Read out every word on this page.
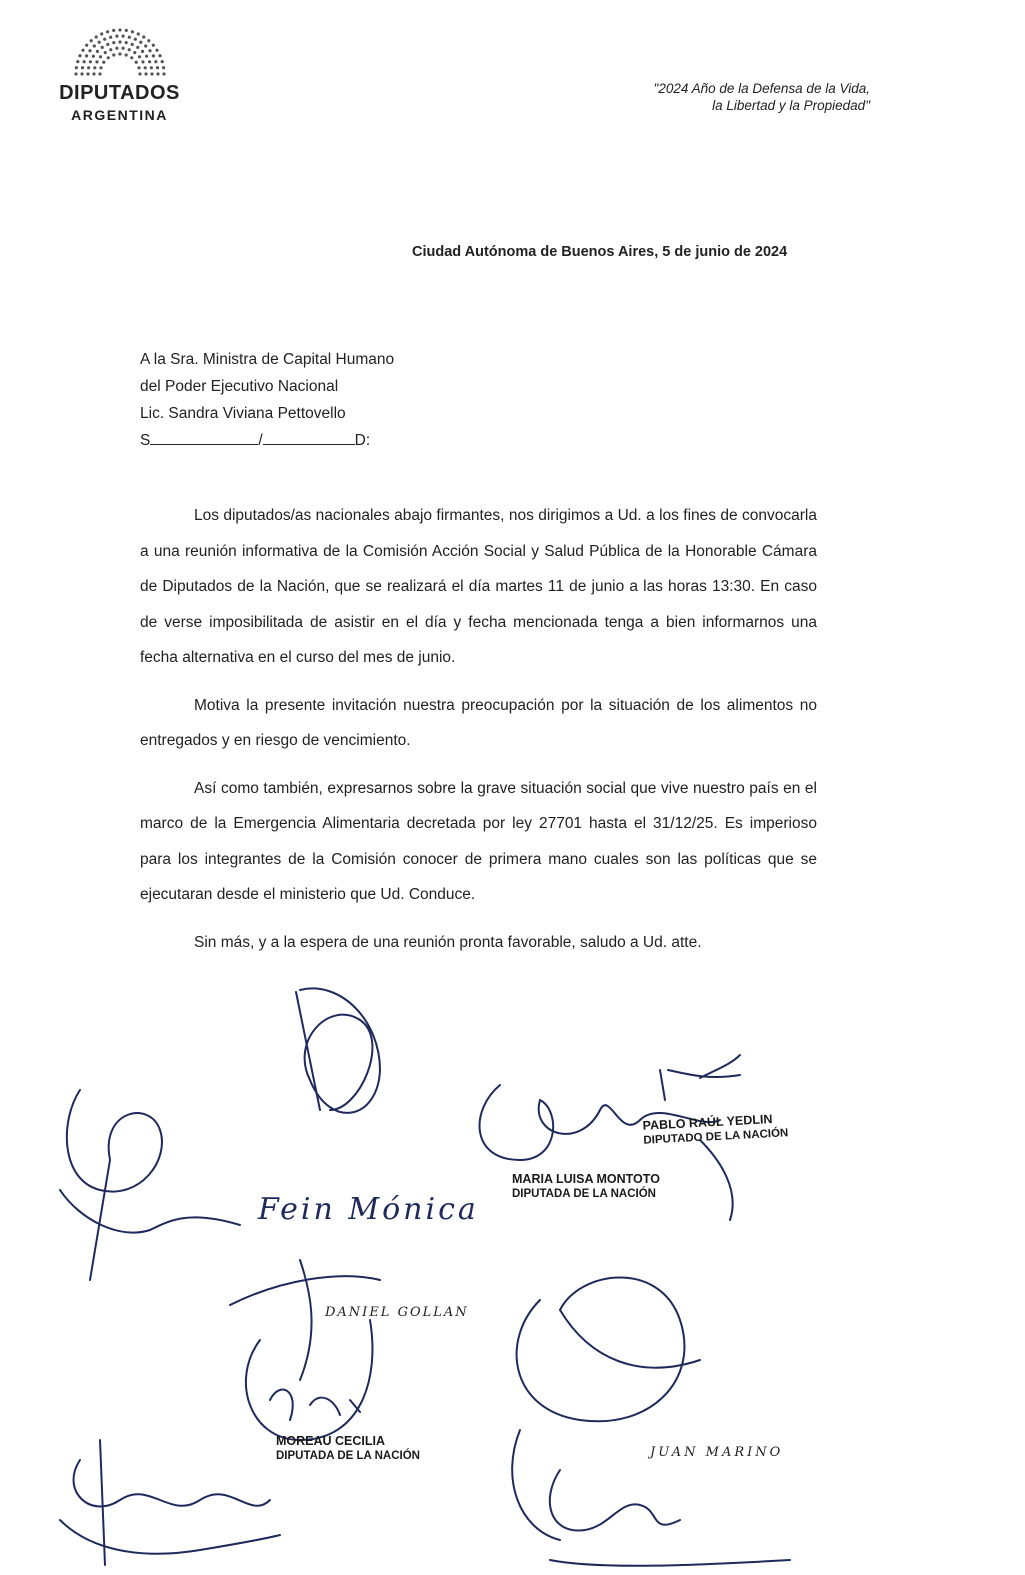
DIPUTADOS
ARGENTINA
"2024 Año de la Defensa de la Vida,
la Libertad y la Propiedad"
Ciudad Autónoma de Buenos Aires, 5 de junio de 2024
A la Sra. Ministra de Capital Humano
del Poder Ejecutivo Nacional
Lic. Sandra Viviana Pettovello
S	/	D:

Los diputados/as nacionales abajo firmantes, nos dirigimos a Ud. a los fines de convocarla a una reunión informativa de la Comisión Acción Social y Salud Pública de la Honorable Cámara de Diputados de la Nación, que se realizará el día martes 11 de junio a las horas 13:30. En caso de verse imposibilitada de asistir en el día y fecha mencionada tenga a bien informarnos una fecha alternativa en el curso del mes de junio.

Motiva la presente invitación nuestra preocupación por la situación de los alimentos no entregados y en riesgo de vencimiento.

Así como también, expresarnos sobre la grave situación social que vive nuestro país en el marco de la Emergencia Alimentaria decretada por ley 27701 hasta el 31/12/25. Es imperioso para los integrantes de la Comisión conocer de primera mano cuales son las políticas que se ejecutaran desde el ministerio que Ud. Conduce.

Sin más, y a la espera de una reunión pronta favorable, saludo a Ud. atte.

PABLO RAÚL YEDLIN
DIPUTADO DE LA NACIÓN
MARIA LUISA MONTOTO
DIPUTADA DE LA NACIÓN
MOREAU CECILIA
DIPUTADA DE LA NACIÓN
Fein Mónica
DANIEL GOLLAN
JUAN MARINO
